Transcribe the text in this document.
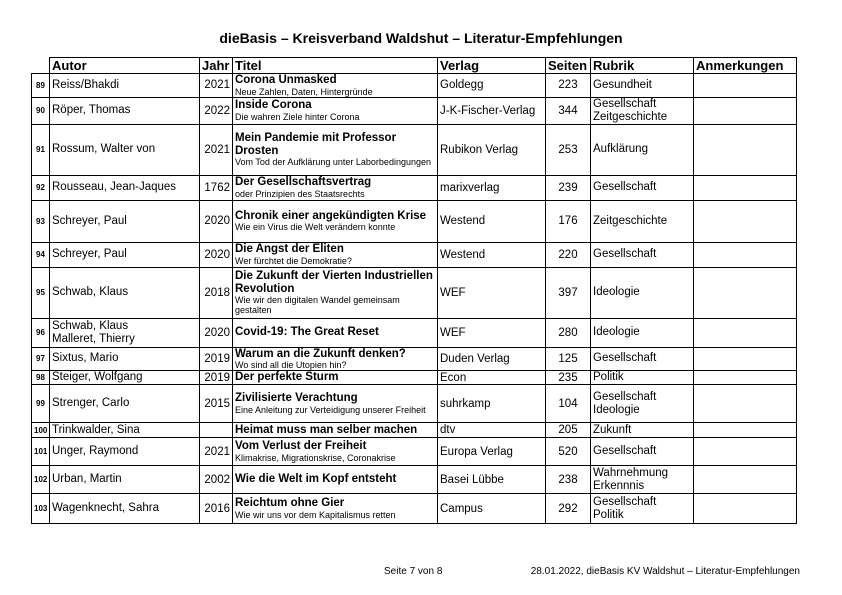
dieBasis – Kreisverband Waldshut – Literatur-Empfehlungen
	Autor	Jahr	Titel	Verlag	Seiten	Rubrik	Anmerkungen
89	Reiss/Bhakdi	2021	Corona Unmasked
Neue Zahlen, Daten, Hintergründe	Goldegg	223	Gesundheit	

90	Röper, Thomas	2022	Inside Corona
Die wahren Ziele hinter Corona	J-K-Fischer-Verlag	344	Gesellschaft
Zeitgeschichte	

91	Rossum, Walter von	2021	Mein Pandemie mit Professor Drosten
Vom Tod der Aufklärung unter Laborbedingungen	Rubikon Verlag	253	Aufklärung	

92	Rousseau, Jean-Jaques	1762	Der Gesellschaftsvertrag
oder Prinzipien des Staatsrechts	marixverlag	239	Gesellschaft	

93	Schreyer, Paul	2020	Chronik einer angekündigten Krise
Wie ein Virus die Welt verändern konnte	Westend	176	Zeitgeschichte	

94	Schreyer, Paul	2020	Die Angst der Eliten
Wer fürchtet die Demokratie?	Westend	220	Gesellschaft	

95	Schwab, Klaus	2018	Die Zukunft der Vierten Industriellen Revolution
Wie wir den digitalen Wandel gemeinsam gestalten	WEF	397	Ideologie	

96	Schwab, Klaus
Malleret, Thierry	2020	Covid-19: The Great Reset	WEF	280	Ideologie	

97	Sixtus, Mario	2019	Warum an die Zukunft denken?
Wo sind all die Utopien hin?	Duden Verlag	125	Gesellschaft	

98	Steiger, Wolfgang	2019	Der perfekte Sturm	Econ	235	Politik	

99	Strenger, Carlo	2015	Zivilisierte Verachtung
Eine Anleitung zur Verteidigung unserer Freiheit	suhrkamp	104	Gesellschaft
Ideologie	

100	Trinkwalder, Sina		Heimat muss man selber machen	dtv	205	Zukunft	

101	Unger, Raymond	2021	Vom Verlust der Freiheit
Klimakrise, Migrationskrise, Coronakrise	Europa Verlag	520	Gesellschaft	

102	Urban, Martin	2002	Wie die Welt im Kopf entsteht	Basei Lübbe	238	Wahrnehmung
Erkennnis	

103	Wagenknecht, Sahra	2016	Reichtum ohne Gier
Wie wir uns vor dem Kapitalismus retten	Campus	292	Gesellschaft
Politik	

Seite 7 von 8	28.01.2022, dieBasis KV Waldshut – Literatur-Empfehlungen
